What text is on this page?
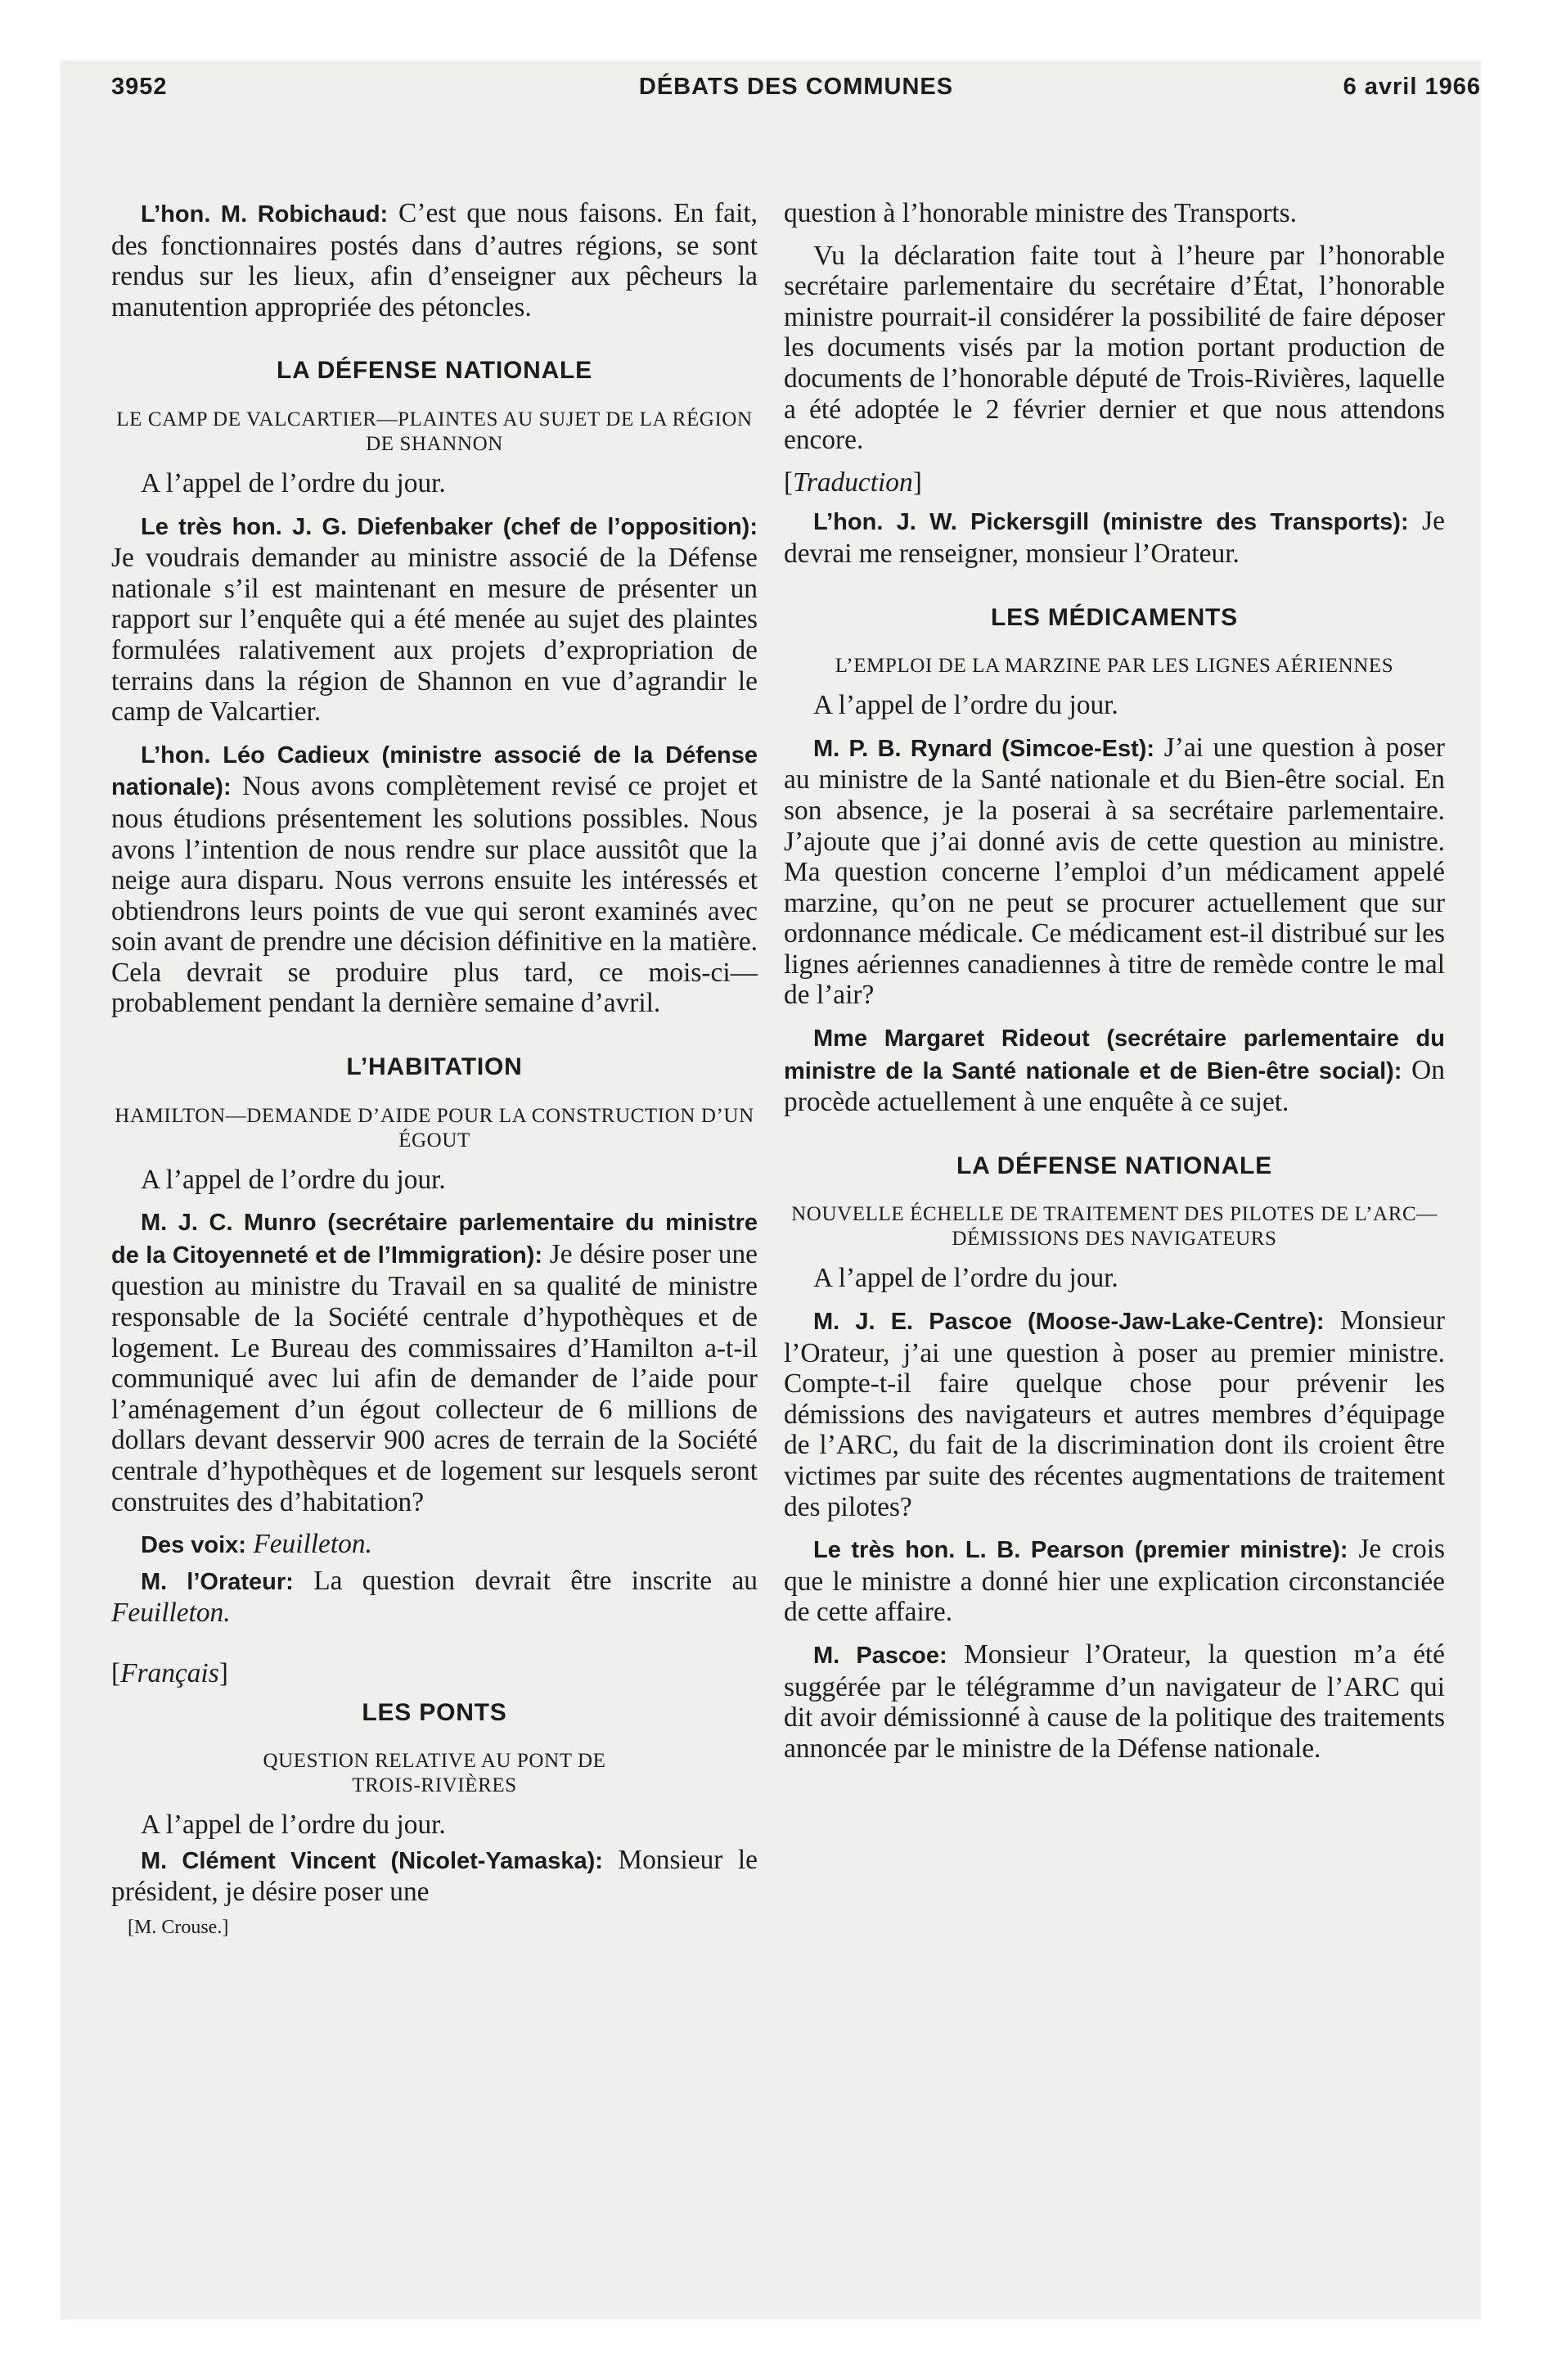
3952	DÉBATS DES COMMUNES	6 avril 1966

L’hon. M. Robichaud: C’est que nous faisons. En fait, des fonctionnaires postés dans d’autres régions, se sont rendus sur les lieux, afin d’enseigner aux pêcheurs la manutention appropriée des pétoncles.

LA DÉFENSE NATIONALE
LE CAMP DE VALCARTIER—PLAINTES AU SUJET DE LA RÉGION DE SHANNON

A l’appel de l’ordre du jour.

Le très hon. J. G. Diefenbaker (chef de l’opposition): Je voudrais demander au ministre associé de la Défense nationale s’il est maintenant en mesure de présenter un rapport sur l’enquête qui a été menée au sujet des plaintes formulées ralativement aux projets d’expropriation de terrains dans la région de Shannon en vue d’agrandir le camp de Valcartier.

L’hon. Léo Cadieux (ministre associé de la Défense nationale): Nous avons complètement revisé ce projet et nous étudions présentement les solutions possibles. Nous avons l’intention de nous rendre sur place aussitôt que la neige aura disparu. Nous verrons ensuite les intéressés et obtiendrons leurs points de vue qui seront examinés avec soin avant de prendre une décision définitive en la matière. Cela devrait se produire plus tard, ce mois-ci—probablement pendant la dernière semaine d’avril.

L’HABITATION
HAMILTON—DEMANDE D’AIDE POUR LA CONSTRUCTION D’UN ÉGOUT

A l’appel de l’ordre du jour.

M. J. C. Munro (secrétaire parlementaire du ministre de la Citoyenneté et de l’Immigration): Je désire poser une question au ministre du Travail en sa qualité de ministre responsable de la Société centrale d’hypothèques et de logement. Le Bureau des commissaires d’Hamilton a-t-il communiqué avec lui afin de demander de l’aide pour l’aménagement d’un égout collecteur de 6 millions de dollars devant desservir 900 acres de terrain de la Société centrale d’hypothèques et de logement sur lesquels seront construites des d’habitation?

Des voix: Feuilleton.

M. l’Orateur: La question devrait être inscrite au Feuilleton.

[Français]

LES PONTS
QUESTION RELATIVE AU PONT DE TROIS-RIVIÈRES

A l’appel de l’ordre du jour.

M. Clément Vincent (Nicolet-Yamaska): Monsieur le président, je désire poser une

[M. Crouse.]

question à l’honorable ministre des Transports.

Vu la déclaration faite tout à l’heure par l’honorable secrétaire parlementaire du secrétaire d’État, l’honorable ministre pourrait-il considérer la possibilité de faire déposer les documents visés par la motion portant production de documents de l’honorable député de Trois-Rivières, laquelle a été adoptée le 2 février dernier et que nous attendons encore.

[Traduction]

L’hon. J. W. Pickersgill (ministre des Transports): Je devrai me renseigner, monsieur l’Orateur.

LES MÉDICAMENTS
L’EMPLOI DE LA MARZINE PAR LES LIGNES AÉRIENNES

A l’appel de l’ordre du jour.

M. P. B. Rynard (Simcoe-Est): J’ai une question à poser au ministre de la Santé nationale et du Bien-être social. En son absence, je la poserai à sa secrétaire parlementaire. J’ajoute que j’ai donné avis de cette question au ministre. Ma question concerne l’emploi d’un médicament appelé marzine, qu’on ne peut se procurer actuellement que sur ordonnance médicale. Ce médicament est-il distribué sur les lignes aériennes canadiennes à titre de remède contre le mal de l’air?

Mme Margaret Rideout (secrétaire parlementaire du ministre de la Santé nationale et de Bien-être social): On procède actuellement à une enquête à ce sujet.

LA DÉFENSE NATIONALE
NOUVELLE ÉCHELLE DE TRAITEMENT DES PILOTES DE L’ARC—DÉMISSIONS DES NAVIGATEURS

A l’appel de l’ordre du jour.

M. J. E. Pascoe (Moose-Jaw-Lake-Centre): Monsieur l’Orateur, j’ai une question à poser au premier ministre. Compte-t-il faire quelque chose pour prévenir les démissions des navigateurs et autres membres d’équipage de l’ARC, du fait de la discrimination dont ils croient être victimes par suite des récentes augmentations de traitement des pilotes?

Le très hon. L. B. Pearson (premier ministre): Je crois que le ministre a donné hier une explication circonstanciée de cette affaire.

M. Pascoe: Monsieur l’Orateur, la question m’a été suggérée par le télégramme d’un navigateur de l’ARC qui dit avoir démissionné à cause de la politique des traitements annoncée par le ministre de la Défense nationale.
